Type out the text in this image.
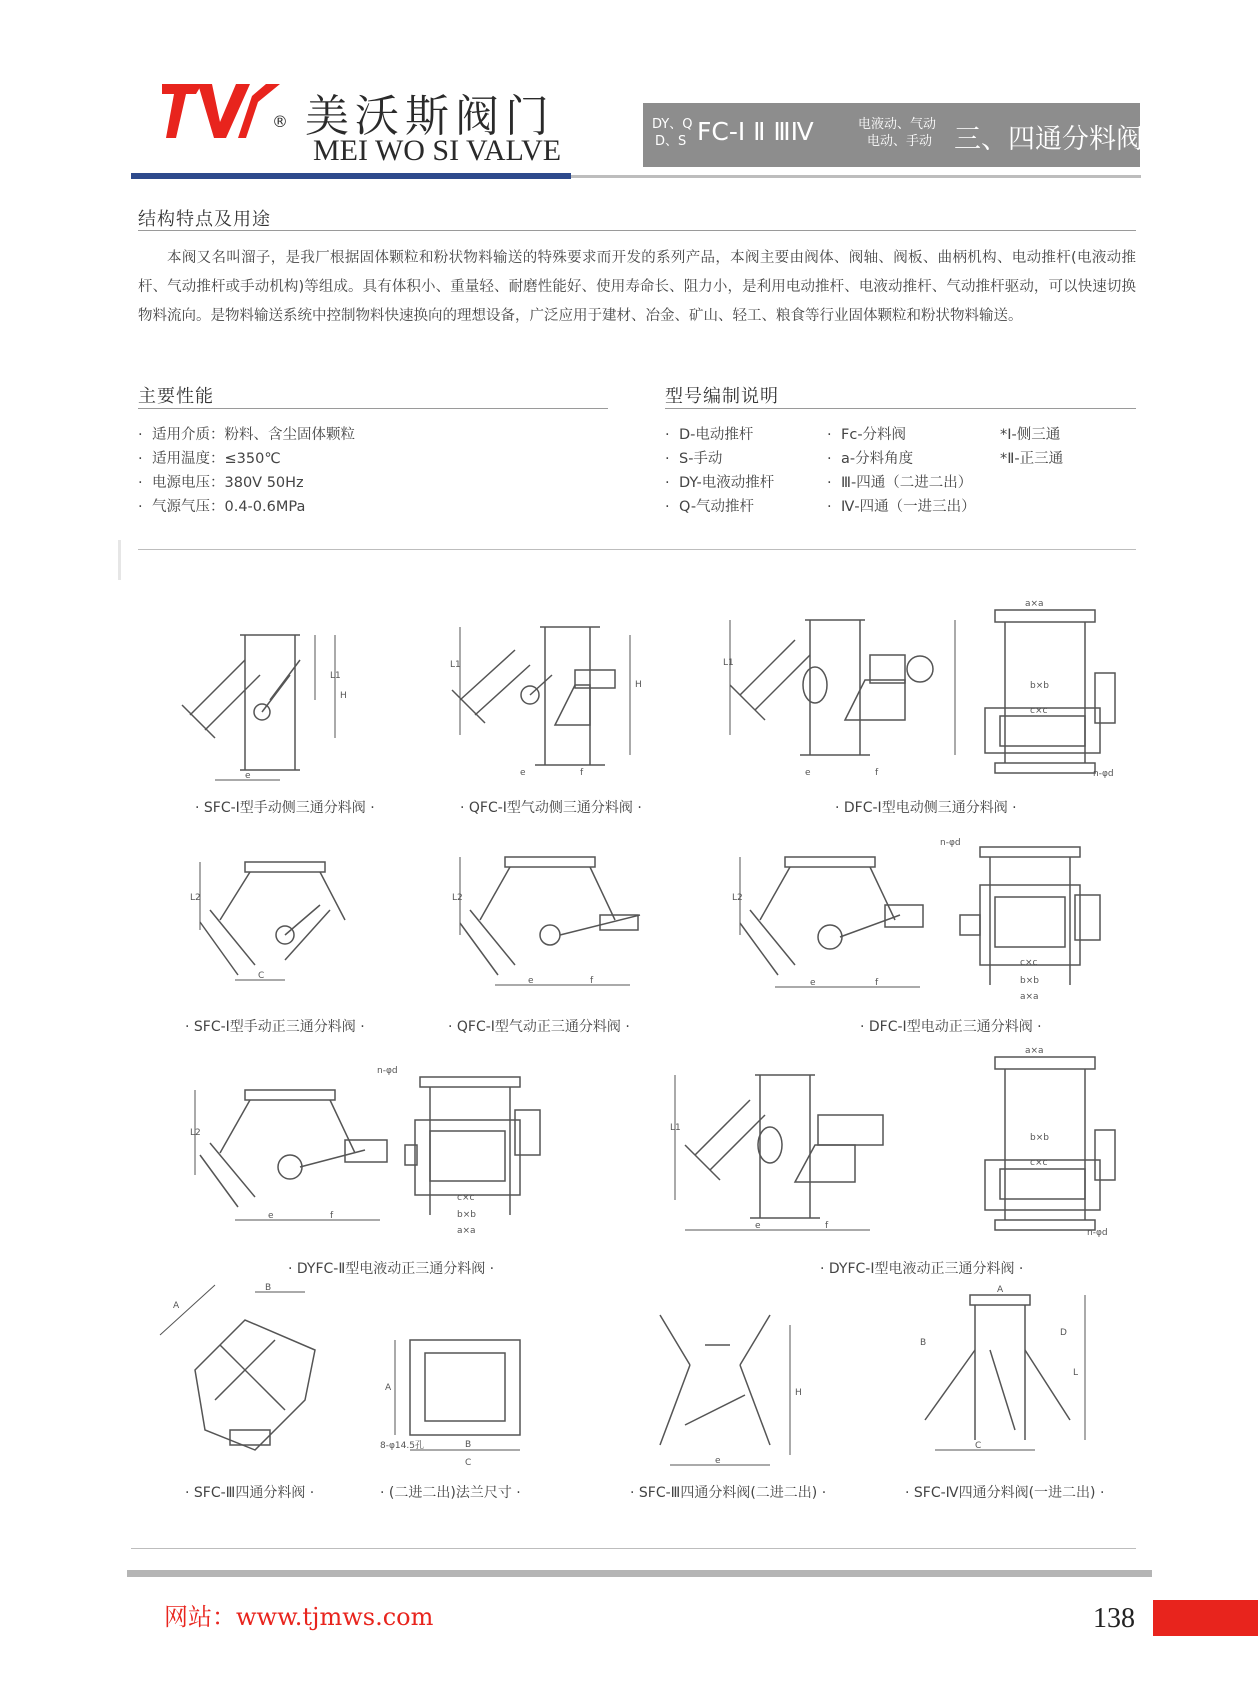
® 美沃斯阀门
MEI WO SI VALVE
DY、Q
D、S FC-Ⅰ Ⅱ ⅢⅣ	电液动、气动
电动、手动 三、四通分料阀
结构特点及用途
本阀又名叫溜子，是我厂根据固体颗粒和粉状物料输送的特殊要求而开发的系列产品，本阀主要由阀体、阀轴、阀板、曲柄机构、电动推杆(电液动推杆、气动推杆或手动机构)等组成。具有体积小、重量轻、耐磨性能好、使用寿命长、阻力小，是利用电动推杆、电液动推杆、气动推杆驱动，可以快速切换物料流向。是物料输送系统中控制物料快速换向的理想设备，广泛应用于建材、冶金、矿山、轻工、粮食等行业固体颗粒和粉状物料输送。
主要性能
· 适用介质：粉料、含尘固体颗粒
· 适用温度：≤350℃
· 电源电压：380V 50Hz
· 气源气压：0.4-0.6MPa
型号编制说明
· D-电动推杆
· S-手动
· DY-电液动推杆
· Q-气动推杆
· Fc-分料阀
· a-分料角度
· Ⅲ-四通（二进二出）
· Ⅳ-四通（一进三出）
*Ⅰ-侧三通
*Ⅱ-正三通
L1
H
e
L1
H
e	f
L1
e	f
a×a
b×b
c×c
n-φd
· SFC-Ⅰ型手动侧三通分料阀 ·	· QFC-Ⅰ型气动侧三通分料阀 ·	· DFC-Ⅰ型电动侧三通分料阀 ·
L2
C
L2
e	f
L2
e	f
n-φd
c×c
b×b
a×a
· SFC-Ⅰ型手动正三通分料阀 ·	· QFC-Ⅰ型气动正三通分料阀 ·	· DFC-Ⅰ型电动正三通分料阀 ·
L2
e	f
n-φd
c×c
b×b
a×a
L1
e	f
a×a
b×b
c×c
n-φd
· DYFC-Ⅱ型电液动正三通分料阀 ·	· DYFC-Ⅰ型电液动正三通分料阀 ·
A
B
A
B
C
8-φ14.5孔
H
e
A
B
D
L
C
· SFC-Ⅲ四通分料阀 ·	· (二进二出)法兰尺寸 ·	· SFC-Ⅲ四通分料阀(二进二出) ·	· SFC-Ⅳ四通分料阀(一进二出) ·
网站：www.tjmws.com	138
